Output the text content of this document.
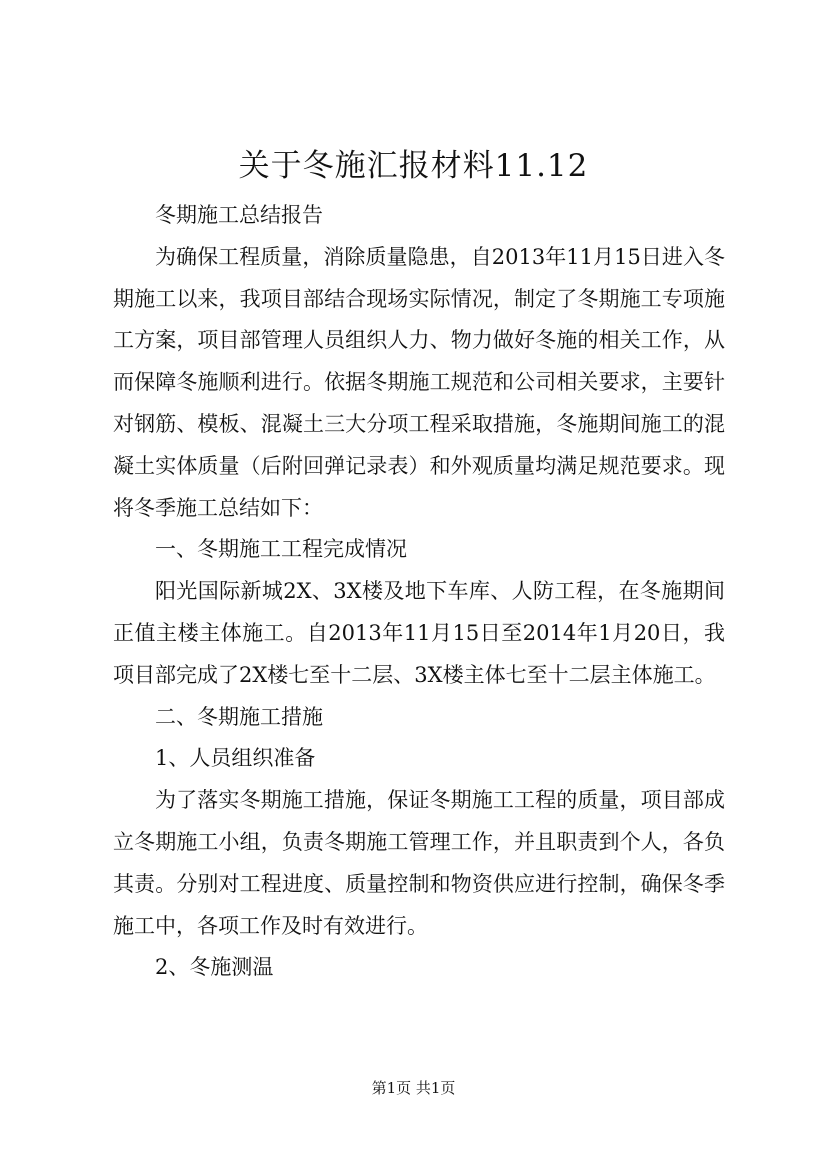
关于冬施汇报材料11.12

冬期施工总结报告

为确保工程质量，消除质量隐患，自2013年11月15日进入冬期施工以来，我项目部结合现场实际情况，制定了冬期施工专项施工方案，项目部管理人员组织人力、物力做好冬施的相关工作，从而保障冬施顺利进行。依据冬期施工规范和公司相关要求，主要针对钢筋、模板、混凝土三大分项工程采取措施，冬施期间施工的混凝土实体质量（后附回弹记录表）和外观质量均满足规范要求。现将冬季施工总结如下：

一、冬期施工工程完成情况

阳光国际新城2X、3X楼及地下车库、人防工程，在冬施期间正值主楼主体施工。自2013年11月15日至2014年1月20日，我项目部完成了2X楼七至十二层、3X楼主体七至十二层主体施工。

二、冬期施工措施

1、人员组织准备

为了落实冬期施工措施，保证冬期施工工程的质量，项目部成立冬期施工小组，负责冬期施工管理工作，并且职责到个人，各负其责。分别对工程进度、质量控制和物资供应进行控制，确保冬季施工中，各项工作及时有效进行。

2、冬施测温

第1页 共1页
